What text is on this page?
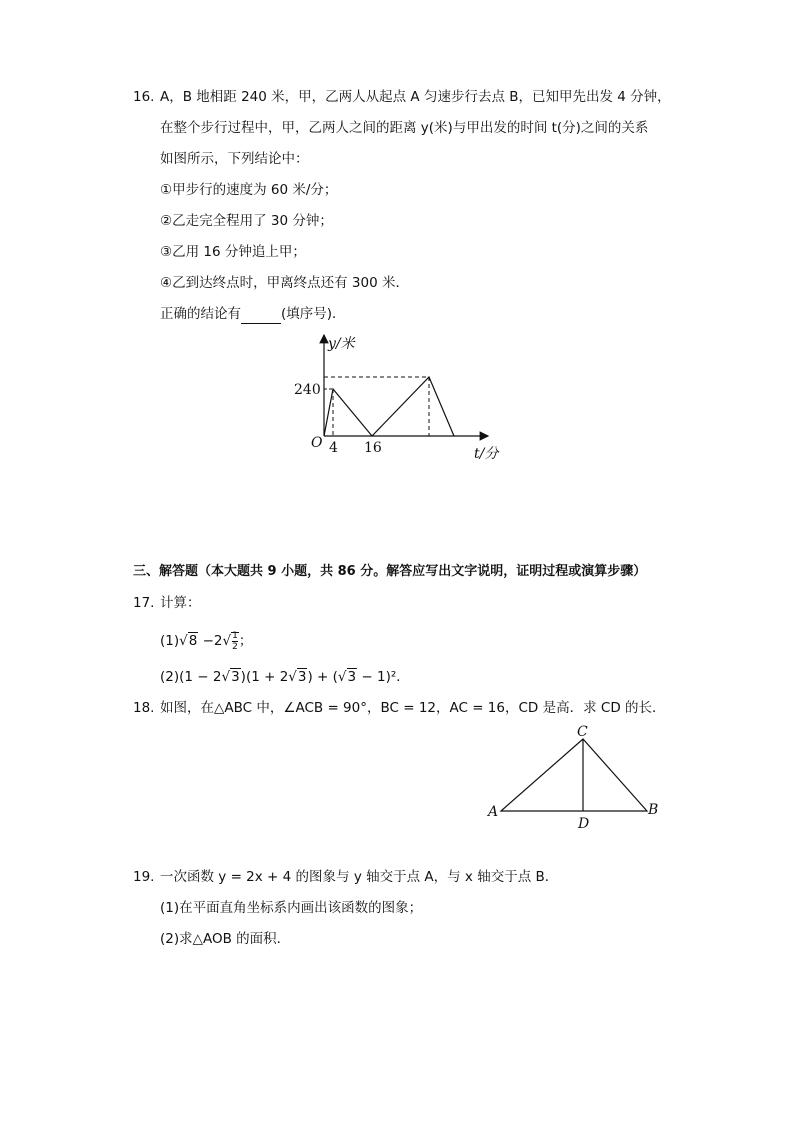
16. A，B 地相距 240 米，甲，乙两人从起点 A 匀速步行去点 B，已知甲先出发 4 分钟，
在整个步行过程中，甲，乙两人之间的距离 y(米)与甲出发的时间 t(分)之间的关系
如图所示，下列结论中：
①甲步行的速度为 60 米/分；
②乙走完全程用了 30 分钟；
③乙用 16 分钟追上甲；
④乙到达终点时，甲离终点还有 300 米．
正确的结论有	(填序号)．
y/米
t/分
O
240
4 16
三、解答题（本大题共 9 小题，共 86 分。解答应写出文字说明，证明过程或演算步骤）
17. 计算：
$(1)√8 -2√ \frac{1}{2}$ ；
(2)(1 − 2√3)(1 + 2√3) + (√3 − 1)²．
18. 如图，在△ABC 中，∠ACB = 90°，BC = 12，AC = 16，CD 是高．求 CD 的长．
A	B
C
D
19. 一次函数 y = 2x + 4 的图象与 y 轴交于点 A，与 x 轴交于点 B．
(1)在平面直角坐标系内画出该函数的图象；
(2)求△AOB 的面积．
